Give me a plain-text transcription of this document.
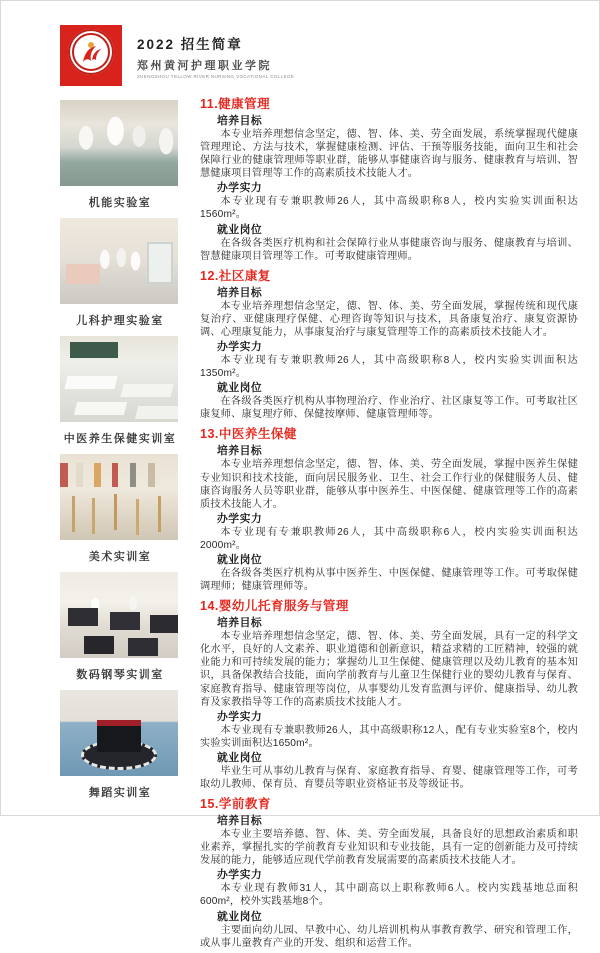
2022 招生简章
郑州黄河护理职业学院
ZHENGZHOU YELLOW RIVER NURSING VOCATIONAL COLLEGE
机能实验室
儿科护理实验室
中医养生保健实训室
美术实训室
数码钢琴实训室
舞蹈实训室
11.健康管理
培养目标

本专业培养理想信念坚定，德、智、体、美、劳全面发展，系统掌握现代健康管理理论、方法与技术，掌握健康检测、评估、干预等服务技能，面向卫生和社会保障行业的健康管理师等职业群，能够从事健康咨询与服务、健康教育与培训、智慧健康项目管理等工作的高素质技术技能人才。

办学实力

本专业现有专兼职教师26人，其中高级职称8人，校内实验实训面积达1560m²。

就业岗位

在各级各类医疗机构和社会保障行业从事健康咨询与服务、健康教育与培训、智慧健康项目管理等工作。可考取健康管理师。

12.社区康复
培养目标

本专业培养理想信念坚定，德、智、体、美、劳全面发展，掌握传统和现代康复治疗、亚健康理疗保健、心理咨询等知识与技术，具备康复治疗、康复资源协调、心理康复能力，从事康复治疗与康复管理等工作的高素质技术技能人才。

办学实力

本专业现有专兼职教师26人，其中高级职称8人，校内实验实训面积达1350m²。

就业岗位

在各级各类医疗机构从事物理治疗、作业治疗、社区康复等工作。可考取社区康复师、康复理疗师、保健按摩师、健康管理师等。

13.中医养生保健
培养目标

本专业培养理想信念坚定，德、智、体、美、劳全面发展，掌握中医养生保健专业知识和技术技能，面向居民服务业、卫生、社会工作行业的保健服务人员、健康咨询服务人员等职业群，能够从事中医养生、中医保健、健康管理等工作的高素质技术技能人才。

办学实力

本专业现有专兼职教师26人，其中高级职称6人，校内实验实训面积达2000m²。

就业岗位

在各级各类医疗机构从事中医养生、中医保健、健康管理等工作。可考取保健调理师；健康管理师等。

14.婴幼儿托育服务与管理
培养目标

本专业培养理想信念坚定，德、智、体、美、劳全面发展，具有一定的科学文化水平，良好的人文素养、职业道德和创新意识，精益求精的工匠精神，较强的就业能力和可持续发展的能力；掌握幼儿卫生保健、健康管理以及幼儿教育的基本知识，具备保教结合技能，面向学前教育与儿童卫生保健行业的婴幼儿教育与保育、家庭教育指导、健康管理等岗位，从事婴幼儿发育监测与评价、健康指导、幼儿教育及家教指导等工作的高素质技术技能人才。

办学实力

本专业现有专兼职教师26人，其中高级职称12人，配有专业实验室8个，校内实验实训面积达1650m²。

就业岗位

毕业生可从事幼儿教育与保育、家庭教育指导、育婴、健康管理等工作，可考取幼儿教师、保育员、育婴员等职业资格证书及等级证书。

15.学前教育
培养目标

本专业主要培养德、智、体、美、劳全面发展，具备良好的思想政治素质和职业素养，掌握扎实的学前教育专业知识和专业技能，具有一定的创新能力及可持续发展的能力，能够适应现代学前教育发展需要的高素质技术技能人才。

办学实力

本专业现有教师31人，其中副高以上职称教师6人。校内实践基地总面积600m²，校外实践基地8个。

就业岗位

主要面向幼儿园、早教中心、幼儿培训机构从事教育教学、研究和管理工作，或从事儿童教育产业的开发、组织和运营工作。
